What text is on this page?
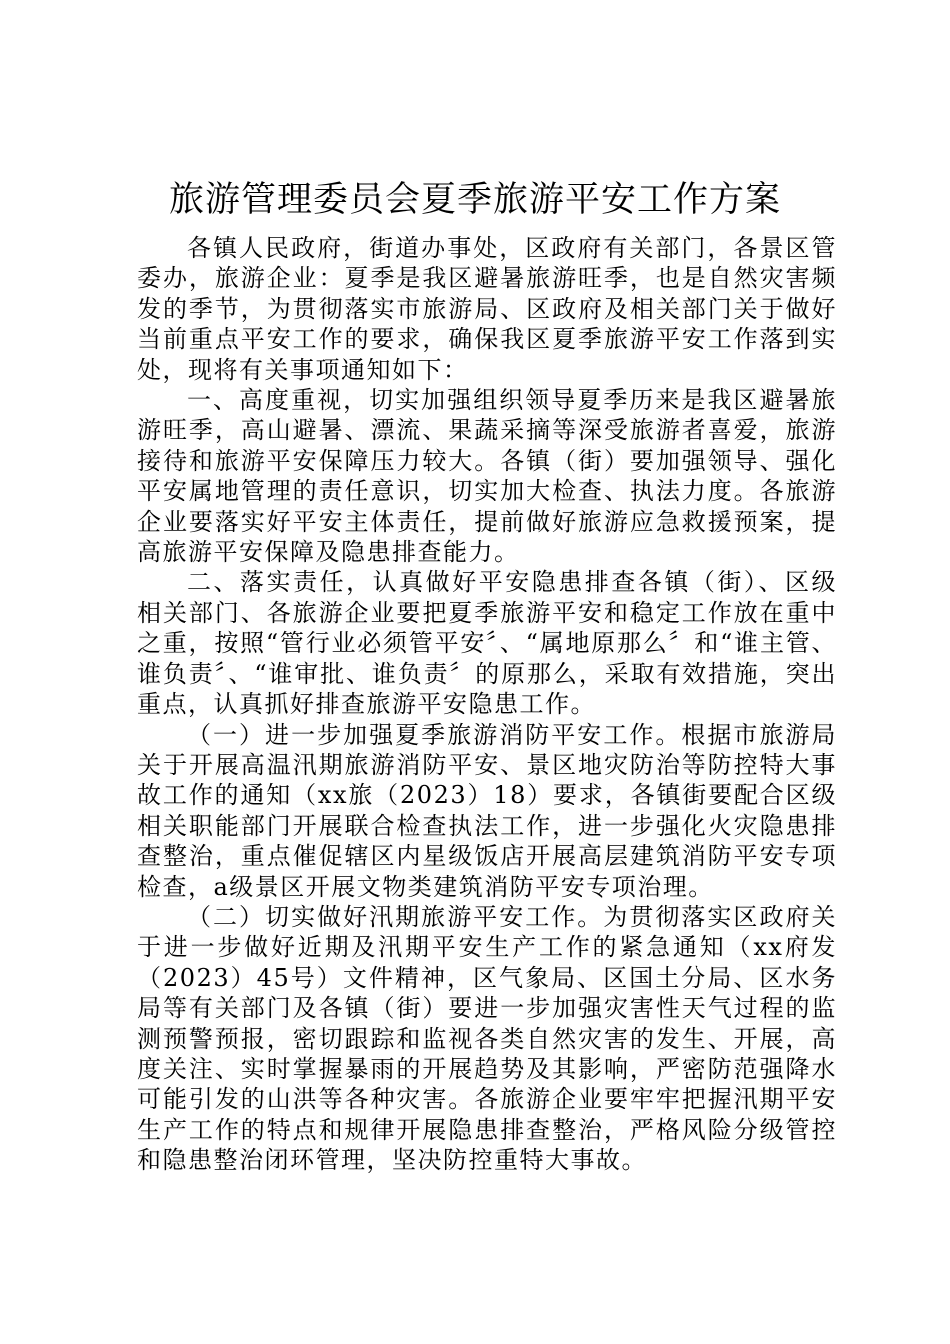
旅游管理委员会夏季旅游平安工作方案

各镇人民政府，街道办事处，区政府有关部门，各景区管委办，旅游企业：夏季是我区避暑旅游旺季，也是自然灾害频发的季节，为贯彻落实市旅游局、区政府及相关部门关于做好当前重点平安工作的要求，确保我区夏季旅游平安工作落到实处，现将有关事项通知如下：

一、高度重视，切实加强组织领导夏季历来是我区避暑旅游旺季，高山避暑、漂流、果蔬采摘等深受旅游者喜爱，旅游接待和旅游平安保障压力较大。各镇（街）要加强领导、强化平安属地管理的责任意识，切实加大检查、执法力度。各旅游企业要落实好平安主体责任，提前做好旅游应急救援预案，提高旅游平安保障及隐患排查能力。

二、落实责任，认真做好平安隐患排查各镇（街）、区级相关部门、各旅游企业要把夏季旅游平安和稳定工作放在重中之重，按照“管行业必须管平安〞、“属地原那么〞和“谁主管、谁负责〞、“谁审批、谁负责〞的原那么，采取有效措施，突出重点，认真抓好排查旅游平安隐患工作。

（一）进一步加强夏季旅游消防平安工作。根据市旅游局关于开展高温汛期旅游消防平安、景区地灾防治等防控特大事故工作的通知（xx旅（2023）18）要求，各镇街要配合区级相关职能部门开展联合检查执法工作，进一步强化火灾隐患排查整治，重点催促辖区内星级饭店开展高层建筑消防平安专项检查，a级景区开展文物类建筑消防平安专项治理。

（二）切实做好汛期旅游平安工作。为贯彻落实区政府关于进一步做好近期及汛期平安生产工作的紧急通知（xx府发（2023）45号）文件精神，区气象局、区国土分局、区水务局等有关部门及各镇（街）要进一步加强灾害性天气过程的监测预警预报，密切跟踪和监视各类自然灾害的发生、开展，高度关注、实时掌握暴雨的开展趋势及其影响，严密防范强降水可能引发的山洪等各种灾害。各旅游企业要牢牢把握汛期平安生产工作的特点和规律开展隐患排查整治，严格风险分级管控和隐患整治闭环管理，坚决防控重特大事故。
